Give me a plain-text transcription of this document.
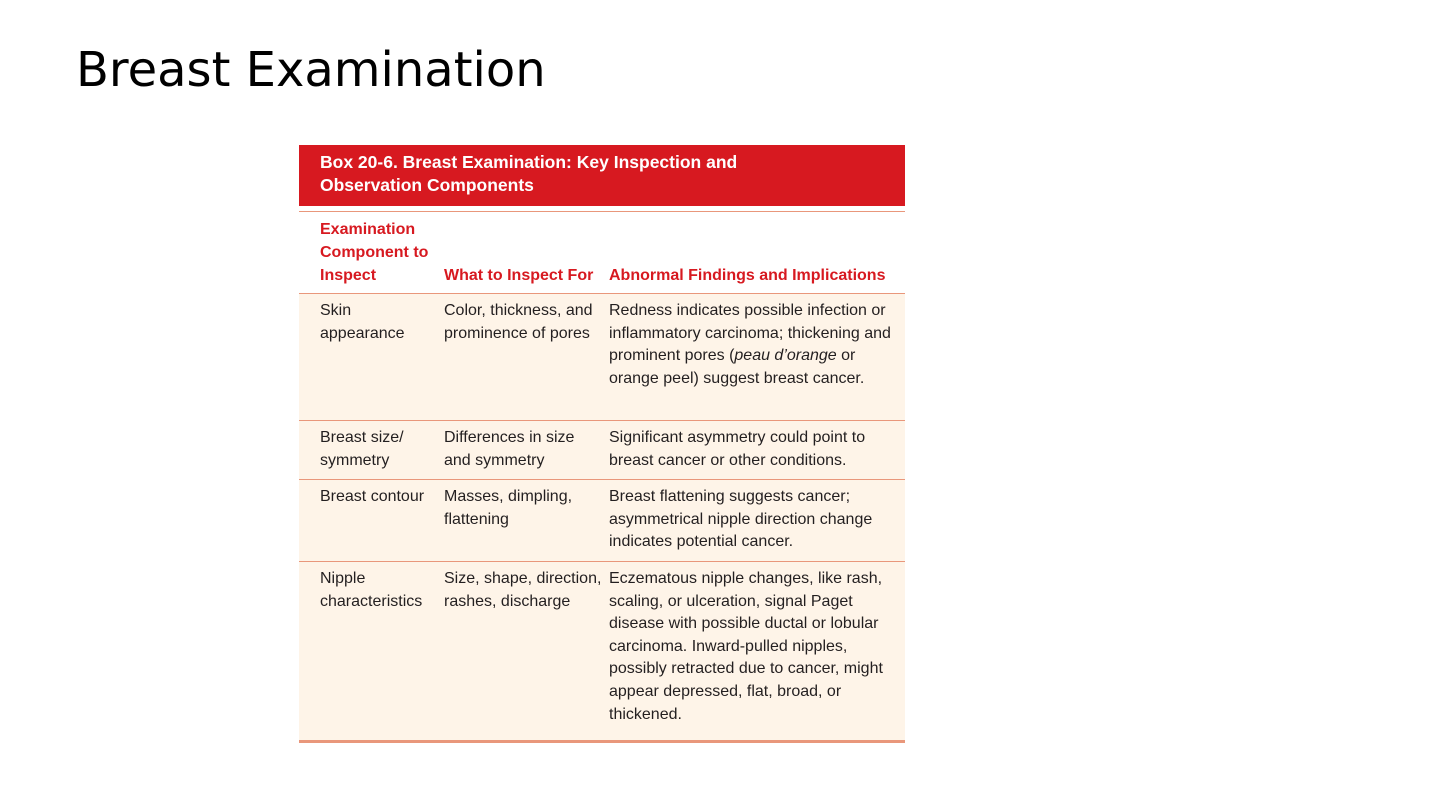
Breast Examination
Box 20-6. Breast Examination: Key Inspection and
Observation Components
Examination Component to Inspect	What to Inspect For	Abnormal Findings and Implications
Skin appearance	Color, thickness, and prominence of pores	Redness indicates possible infection or inflammatory carcinoma; thickening and prominent pores (peau d’orange or orange peel) suggest breast cancer.
Breast size/ symmetry	Differences in size and symmetry	Significant asymmetry could point to breast cancer or other conditions.
Breast contour	Masses, dimpling, flattening	Breast flattening suggests cancer; asymmetrical nipple direction change indicates potential cancer.
Nipple characteristics	Size, shape, direction, rashes, discharge	Eczematous nipple changes, like rash, scaling, or ulceration, signal Paget disease with possible ductal or lobular carcinoma. Inward-pulled nipples, possibly retracted due to cancer, might appear depressed, flat, broad, or thickened.
